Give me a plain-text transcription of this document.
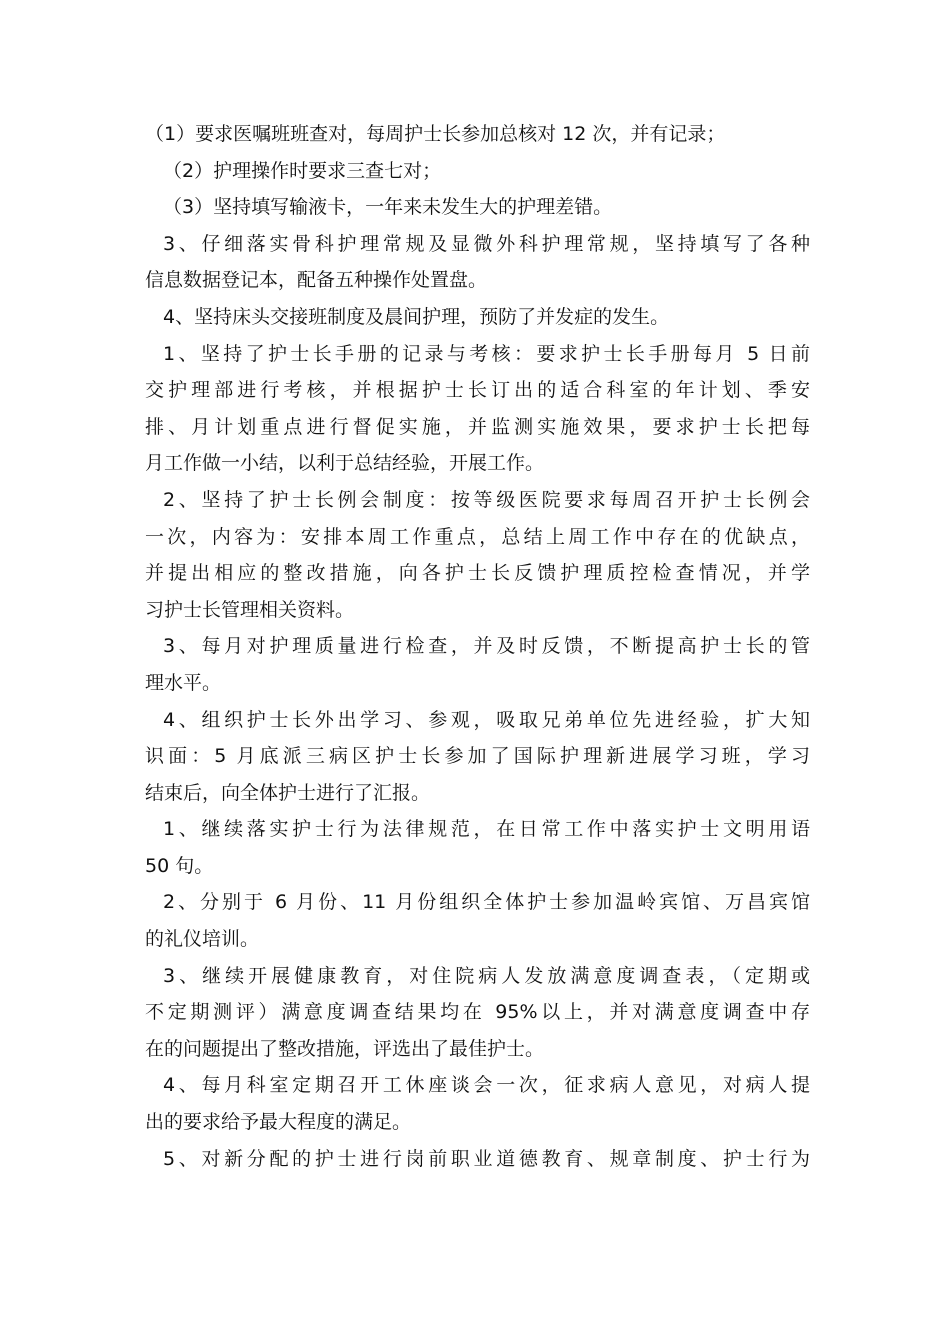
（1）要求医嘱班班查对，每周护士长参加总核对 12 次，并有记录；
（2）护理操作时要求三查七对；
（3）坚持填写输液卡，一年来未发生大的护理差错。
3、仔细落实骨科护理常规及显微外科护理常规，坚持填写了各种
信息数据登记本，配备五种操作处置盘。
4、坚持床头交接班制度及晨间护理，预防了并发症的发生。
1、坚持了护士长手册的记录与考核：要求护士长手册每月 5 日前
交护理部进行考核，并根据护士长订出的适合科室的年计划、季安
排、月计划重点进行督促实施，并监测实施效果，要求护士长把每
月工作做一小结，以利于总结经验，开展工作。
2、坚持了护士长例会制度：按等级医院要求每周召开护士长例会
一次，内容为：安排本周工作重点，总结上周工作中存在的优缺点，
并提出相应的整改措施，向各护士长反馈护理质控检查情况，并学
习护士长管理相关资料。
3、每月对护理质量进行检查，并及时反馈，不断提高护士长的管
理水平。
4、组织护士长外出学习、参观，吸取兄弟单位先进经验，扩大知
识面：5 月底派三病区护士长参加了国际护理新进展学习班，学习
结束后，向全体护士进行了汇报。
1、继续落实护士行为法律规范，在日常工作中落实护士文明用语
50 句。
2、分别于 6 月份、11 月份组织全体护士参加温岭宾馆、万昌宾馆
的礼仪培训。
3、继续开展健康教育，对住院病人发放满意度调查表，（定期或
不定期测评）满意度调查结果均在 95%以上，并对满意度调查中存
在的问题提出了整改措施，评选出了最佳护士。
4、每月科室定期召开工休座谈会一次，征求病人意见，对病人提
出的要求给予最大程度的满足。
5、对新分配的护士进行岗前职业道德教育、规章制度、护士行为
